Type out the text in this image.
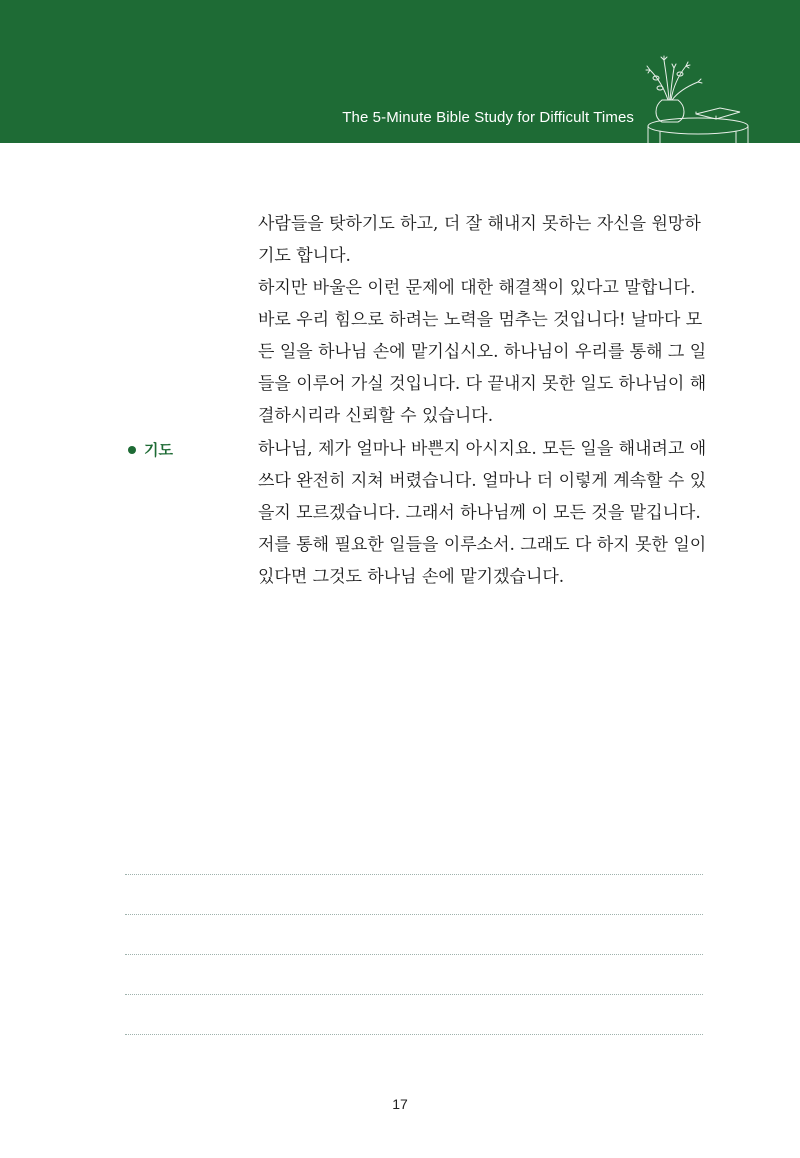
The 5-Minute Bible Study for Difficult Times

사람들을 탓하기도 하고, 더 잘 해내지 못하는 자신을 원망하
기도 합니다.

하지만 바울은 이런 문제에 대한 해결책이 있다고 말합니다.
바로 우리 힘으로 하려는 노력을 멈추는 것입니다! 날마다 모
든 일을 하나님 손에 맡기십시오. 하나님이 우리를 통해 그 일
들을 이루어 가실 것입니다. 다 끝내지 못한 일도 하나님이 해
결하시리라 신뢰할 수 있습니다.

기도	하나님, 제가 얼마나 바쁜지 아시지요. 모든 일을 해내려고 애
쓰다 완전히 지쳐 버렸습니다. 얼마나 더 이렇게 계속할 수 있
을지 모르겠습니다. 그래서 하나님께 이 모든 것을 맡깁니다.
저를 통해 필요한 일들을 이루소서. 그래도 다 하지 못한 일이
있다면 그것도 하나님 손에 맡기겠습니다.

17
